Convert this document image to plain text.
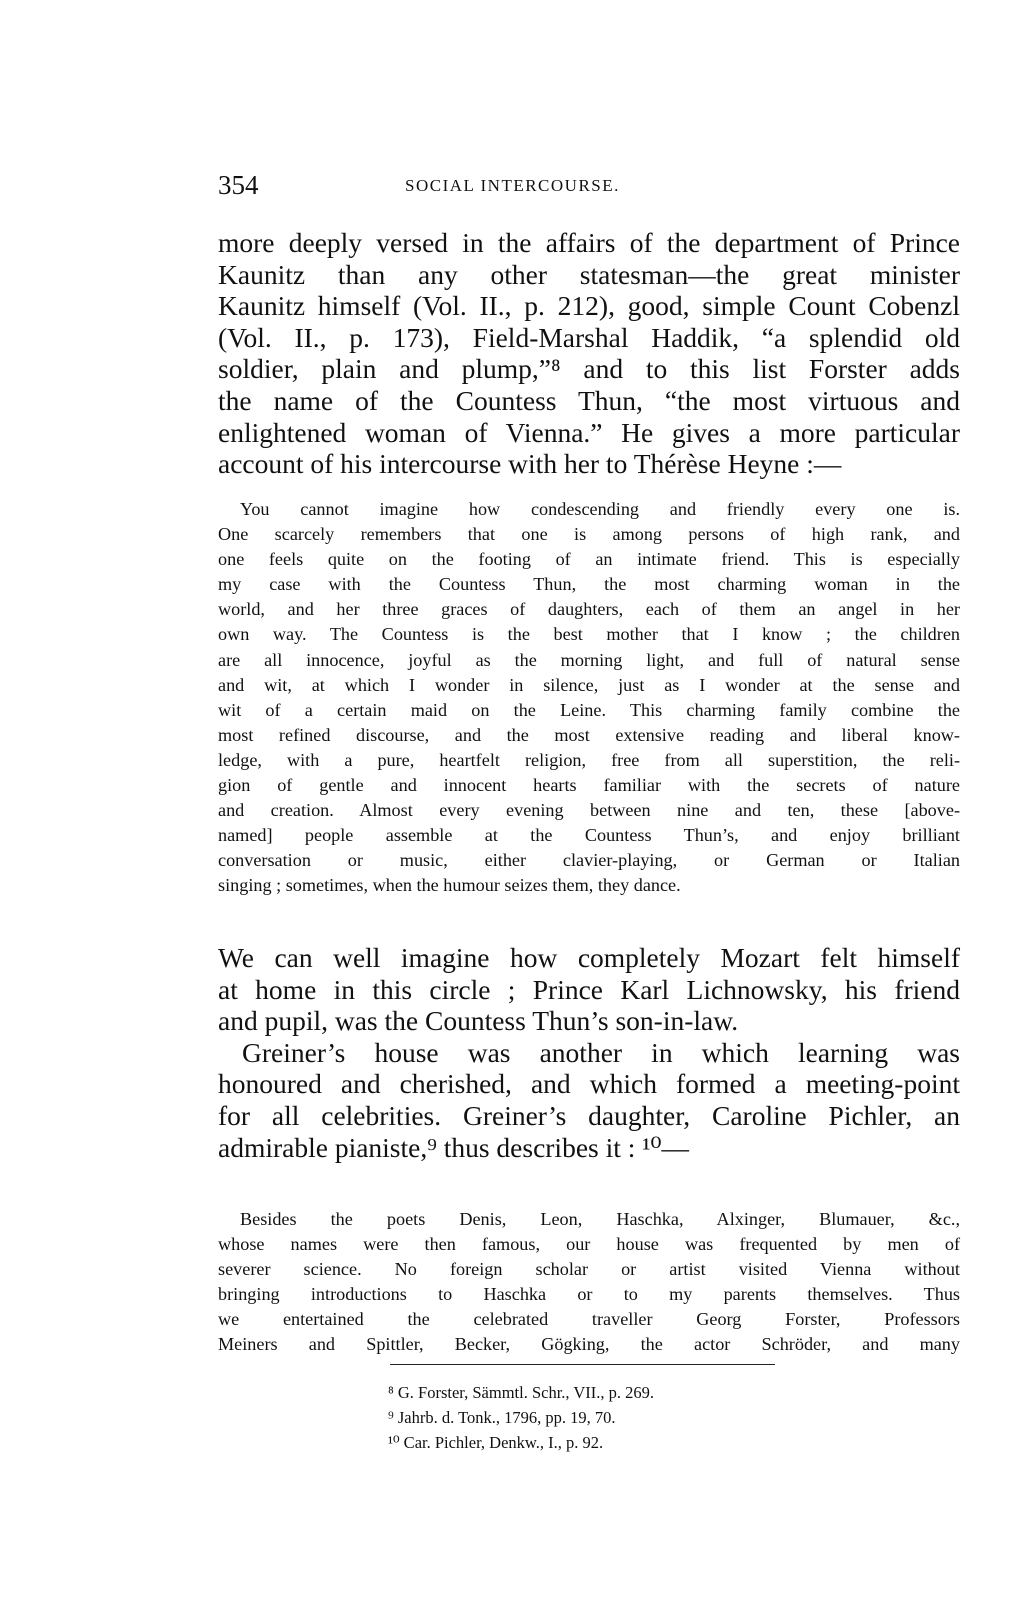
354	SOCIAL INTERCOURSE.
more deeply versed in the affairs of the department of Prince
Kaunitz than any other statesman—the great minister
Kaunitz himself (Vol. II., p. 212), good, simple Count Cobenzl
(Vol. II., p. 173), Field-Marshal Haddik, “a splendid old
soldier, plain and plump,”⁸ and to this list Forster adds
the name of the Countess Thun, “the most virtuous and
enlightened woman of Vienna.” He gives a more particular
account of his intercourse with her to Thérèse Heyne :—
You cannot imagine how condescending and friendly every one is.
One scarcely remembers that one is among persons of high rank, and
one feels quite on the footing of an intimate friend. This is especially
my case with the Countess Thun, the most charming woman in the
world, and her three graces of daughters, each of them an angel in her
own way. The Countess is the best mother that I know ; the children
are all innocence, joyful as the morning light, and full of natural sense
and wit, at which I wonder in silence, just as I wonder at the sense and
wit of a certain maid on the Leine. This charming family combine the
most refined discourse, and the most extensive reading and liberal know-
ledge, with a pure, heartfelt religion, free from all superstition, the reli-
gion of gentle and innocent hearts familiar with the secrets of nature
and creation. Almost every evening between nine and ten, these [above-
named] people assemble at the Countess Thun’s, and enjoy brilliant
conversation or music, either clavier-playing, or German or Italian
singing ; sometimes, when the humour seizes them, they dance.
We can well imagine how completely Mozart felt himself
at home in this circle ; Prince Karl Lichnowsky, his friend
and pupil, was the Countess Thun’s son-in-law.
Greiner’s house was another in which learning was
honoured and cherished, and which formed a meeting-point
for all celebrities. Greiner’s daughter, Caroline Pichler, an
admirable pianiste,⁹ thus describes it : ¹⁰—
Besides the poets Denis, Leon, Haschka, Alxinger, Blumauer, &c.,
whose names were then famous, our house was frequented by men of
severer science. No foreign scholar or artist visited Vienna without
bringing introductions to Haschka or to my parents themselves. Thus
we entertained the celebrated traveller Georg Forster, Professors
Meiners and Spittler, Becker, Gögking, the actor Schröder, and many
⁸ G. Forster, Sämmtl. Schr., VII., p. 269.
⁹ Jahrb. d. Tonk., 1796, pp. 19, 70.
¹⁰ Car. Pichler, Denkw., I., p. 92.
